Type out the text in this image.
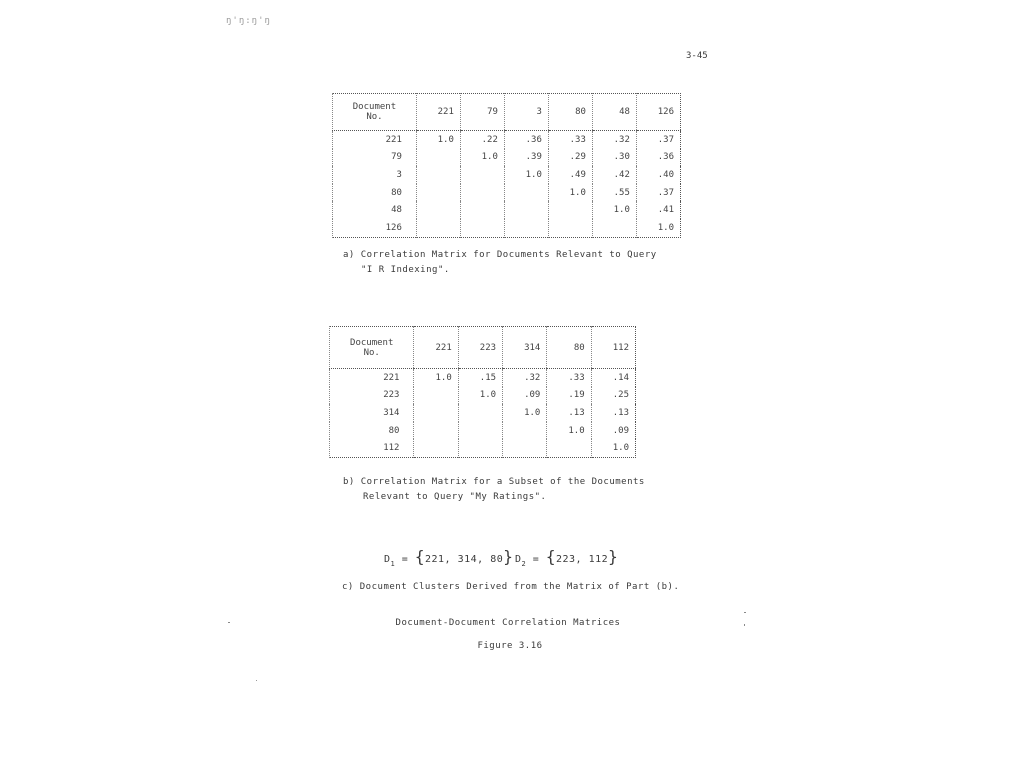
ŋ'ŋ:ŋ'ŋ
3-45
Document
No.	221	79	3	80	48	126
221	1.0	.22	.36	.33	.32	.37
79		1.0	.39	.29	.30	.36
3			1.0	.49	.42	.40
80				1.0	.55	.37
48					1.0	.41
126						1.0
a) Correlation Matrix for Documents Relevant to Query
"I R Indexing".
Document
No.	221	223	314	80	112
221	1.0	.15	.32	.33	.14
223		1.0	.09	.19	.25
314			1.0	.13	.13
80				1.0	.09
112					1.0
b) Correlation Matrix for a Subset of the Documents
Relevant to Query "My Ratings".
$D_1 = \{221$, 314, 80} $D_2 = \{223$, 112}
c) Document Clusters Derived from the Matrix of Part (b).
Document-Document Correlation Matrices
Figure 3.16
